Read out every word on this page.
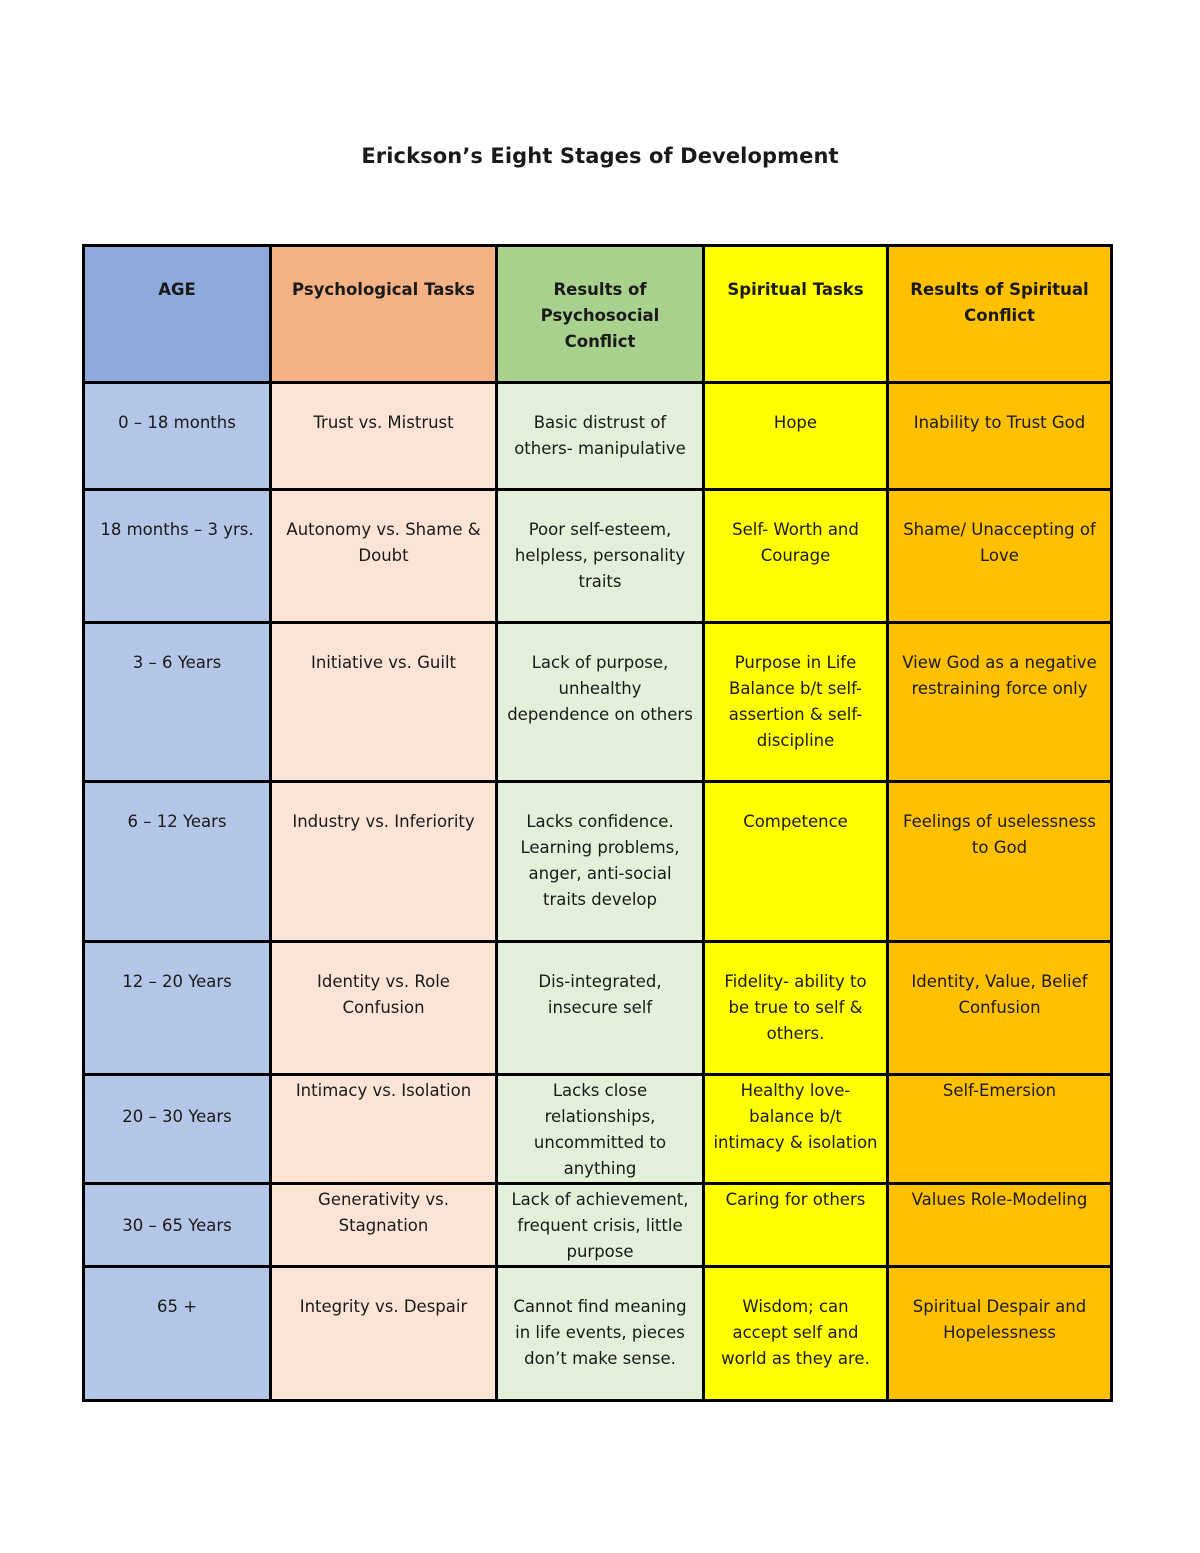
Erickson’s Eight Stages of Development
AGE	Psychological Tasks	Results of Psychosocial Conflict	Spiritual Tasks	Results of Spiritual Conflict
0 – 18 months	Trust vs. Mistrust	Basic distrust of others- manipulative	Hope	Inability to Trust God
18 months – 3 yrs.	Autonomy vs. Shame & Doubt	Poor self-esteem, helpless, personality traits	Self- Worth and Courage	Shame/ Unaccepting of Love
3 – 6 Years	Initiative vs. Guilt	Lack of purpose, unhealthy dependence on others	Purpose in Life Balance b/t self-assertion & self-discipline	View God as a negative restraining force only
6 – 12 Years	Industry vs. Inferiority	Lacks confidence. Learning problems, anger, anti-social traits develop	Competence	Feelings of uselessness to God
12 – 20 Years	Identity vs. Role Confusion	Dis-integrated, insecure self	Fidelity- ability to be true to self & others.	Identity, Value, Belief Confusion
20 – 30 Years	Intimacy vs. Isolation	Lacks close relationships, uncommitted to anything	Healthy love- balance b/t intimacy & isolation	Self-Emersion
30 – 65 Years	Generativity vs. Stagnation	Lack of achievement, frequent crisis, little purpose	Caring for others	Values Role-Modeling
65 +	Integrity vs. Despair	Cannot find meaning in life events, pieces don’t make sense.	Wisdom; can accept self and world as they are.	Spiritual Despair and Hopelessness
